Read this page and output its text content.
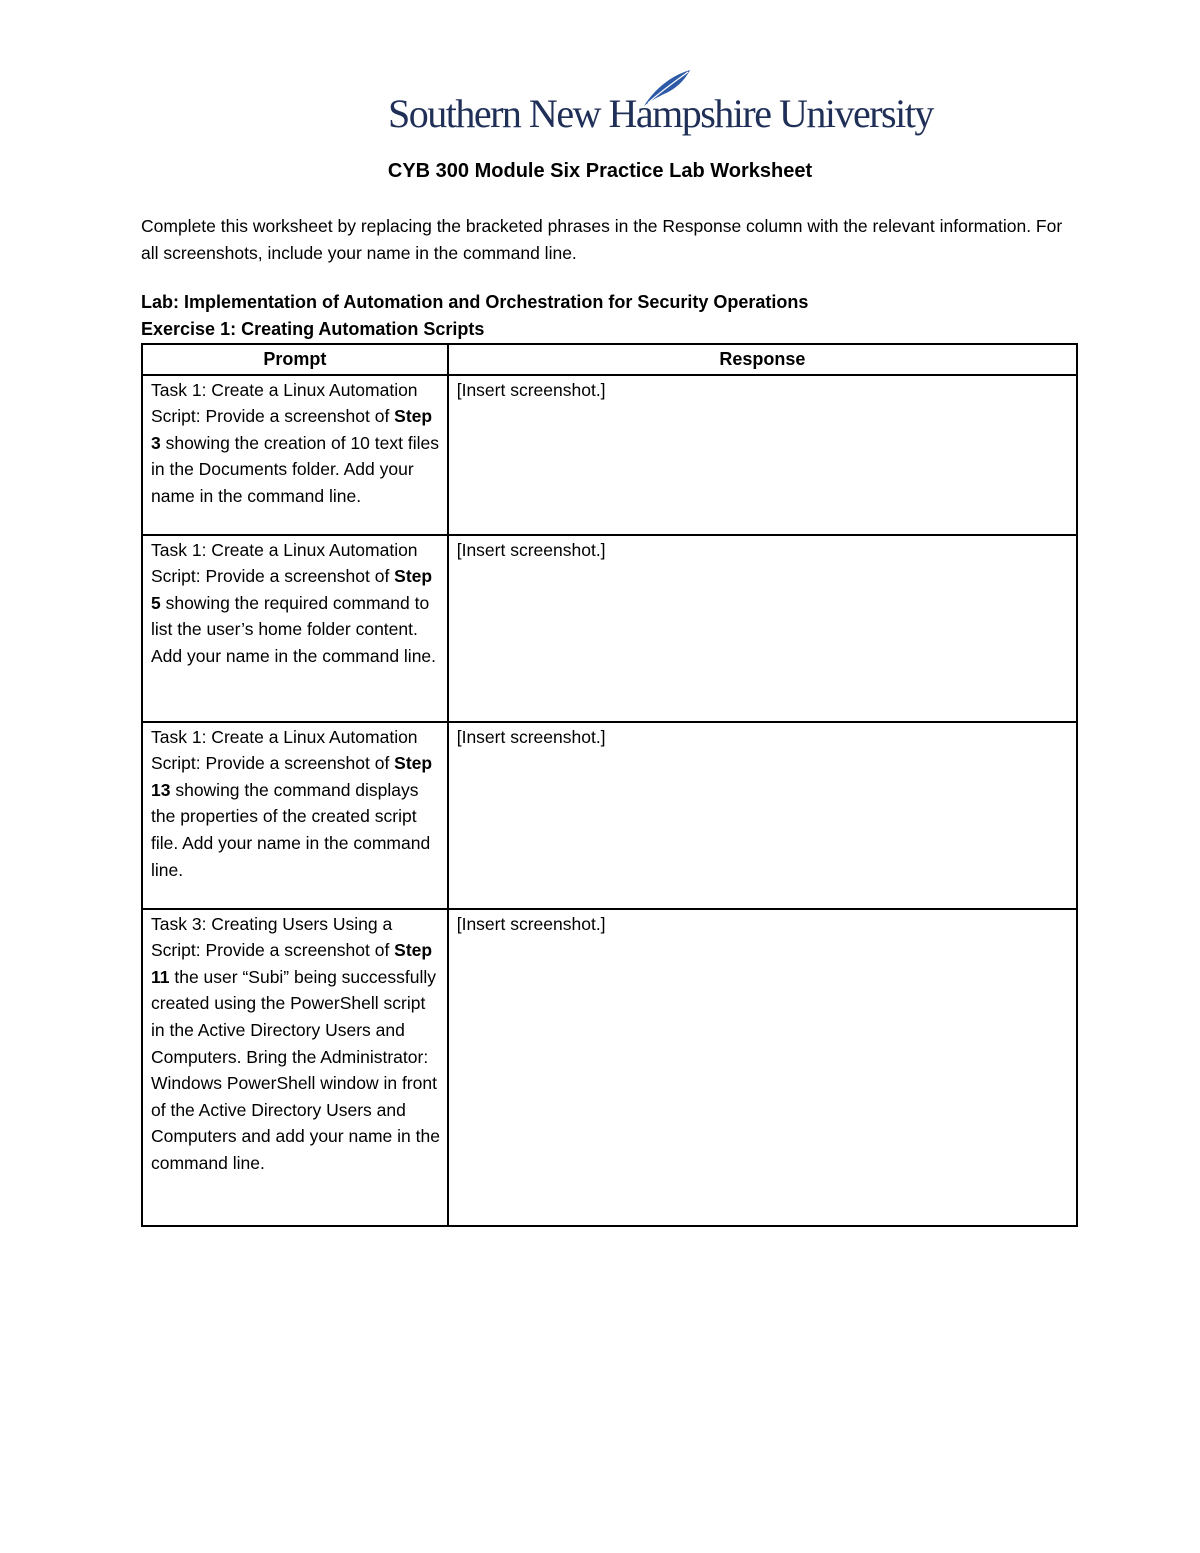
Southern New Hampshire University
CYB 300 Module Six Practice Lab Worksheet
Complete this worksheet by replacing the bracketed phrases in the Response column with the relevant information. For all screenshots, include your name in the command line.
Lab: Implementation of Automation and Orchestration for Security Operations
Exercise 1: Creating Automation Scripts
Prompt	Response
Task 1: Create a Linux Automation Script: Provide a screenshot of Step 3 showing the creation of 10 text files in the Documents folder. Add your name in the command line.	[Insert screenshot.]
Task 1: Create a Linux Automation Script: Provide a screenshot of Step 5 showing the required command to list the user’s home folder content. Add your name in the command line.	[Insert screenshot.]
Task 1: Create a Linux Automation Script: Provide a screenshot of Step 13 showing the command displays the properties of the created script file. Add your name in the command line.	[Insert screenshot.]
Task 3: Creating Users Using a Script: Provide a screenshot of Step 11 the user “Subi” being successfully created using the PowerShell script in the Active Directory Users and Computers. Bring the Administrator: Windows PowerShell window in front of the Active Directory Users and Computers and add your name in the command line.	[Insert screenshot.]
